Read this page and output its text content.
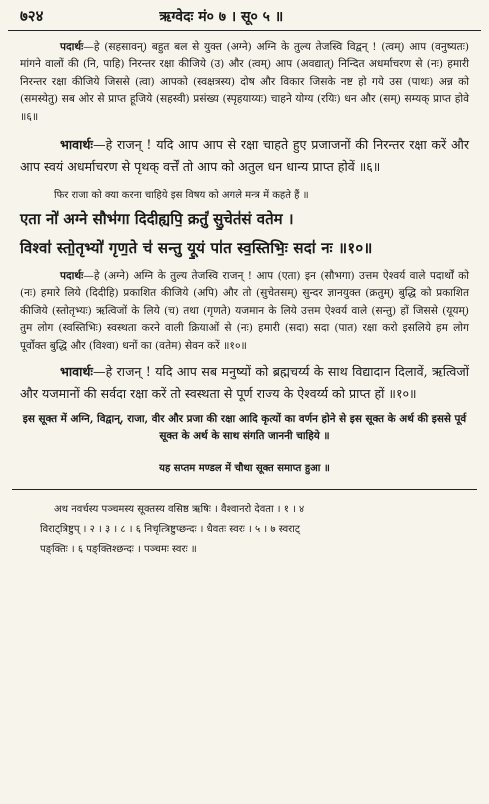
७२४	ऋग्वेदः मं० ७ । सू० ५ ॥

पदार्थः—हे (सहसावन्) बहुत बल से युक्त (अग्ने) अग्नि के तुल्य तेजस्वि विद्वन् ! (त्वम्) आप (वनुष्यतः) मांगने वालों की (नि, पाहि) निरन्तर रक्षा कीजिये (उ) और (त्वम्) आप (अवद्यात्) निन्दित अधर्माचरण से (नः) हमारी निरन्तर रक्षा कीजिये जिससे (त्वा) आपको (स्वक्षत्रस्य) दोष और विकार जिसके नष्ट हो गये उस (पाथः) अन्न को (समस्येतु) सब ओर से प्राप्त हूजिये (सहस्वी) प्रसंख्य (स्पृहयाय्यः) चाहने योग्य (रयिः) धन और (सम्) सम्यक् प्राप्त होवे ॥६॥

भावार्थः—हे राजन् ! यदि आप आप से रक्षा चाहते हुए प्रजाजनों की निरन्तर रक्षा करें और आप स्वयं अधर्माचरण से पृथक् वर्त्तें तो आप को अतुल धन धान्य प्राप्त होवें ॥६॥

फिर राजा को क्या करना चाहिये इस विषय को अगले मन्त्र में कहते हैं ॥

एता नो॑ अग्ने सौभ॑गा दिदीह्यपि॒ क्रतुं॑ सु॒चेत॑सं वतेम ।

विश्वा॑ स्तो॒तृभ्यो॑ गृण॒ते च॑ सन्तु यू॒यं पा॑त स्व॒स्तिभिः॒ सदा॑ नः ॥१०॥

पदार्थः—हे (अग्ने) अग्नि के तुल्य तेजस्वि राजन् ! आप (एता) इन (सौभगा) उत्तम ऐश्वर्य वाले पदार्थों को (नः) हमारे लिये (दिदीहि) प्रकाशित कीजिये (अपि) और तो (सुचेतसम्) सुन्दर ज्ञानयुक्त (क्रतुम्) बुद्धि को प्रकाशित कीजिये (स्तोतृभ्यः) ऋत्विजों के लिये (च) तथा (गृणते) यजमान के लिये उत्तम ऐश्वर्य वाले (सन्तु) हों जिससे (यूयम्) तुम लोग (स्वस्तिभिः) स्वस्थता करने वाली क्रियाओं से (नः) हमारी (सदा) सदा (पात) रक्षा करो इसलिये हम लोग पूर्वोक्त बुद्धि और (विश्वा) धनों का (वतेम) सेवन करें ॥१०॥

भावार्थः—हे राजन् ! यदि आप सब मनुष्यों को ब्रह्मचर्य्य के साथ विद्यादान दिलावें, ऋत्विजों और यजमानों की सर्वदा रक्षा करें तो स्वस्थता से पूर्ण राज्य के ऐश्वर्य्य को प्राप्त हों ॥१०॥

इस सूक्त में अग्नि, विद्वान्, राजा, वीर और प्रजा की रक्षा आदि कृत्यों का वर्णन होने से इस सूक्त के अर्थ की इससे पूर्व सूक्त के अर्थ के साथ संगति जाननी चाहिये ॥

यह सप्तम मण्डल में चौथा सूक्त समाप्त हुआ ॥

अथ नवर्चस्य पञ्चमस्य सूक्तस्य वसिष्ठ ऋषिः । वैश्वानरो देवता । १ । ४
विराट्त्रिष्टुप् । २ । ३ । ८ । ६ निचृत्त्रिष्टुप्छन्दः । धैवतः स्वरः । ५ । ७ स्वराट्
पङ्क्तिः । ६ पङ्क्तिश्छन्दः । पञ्चमः स्वरः ॥
